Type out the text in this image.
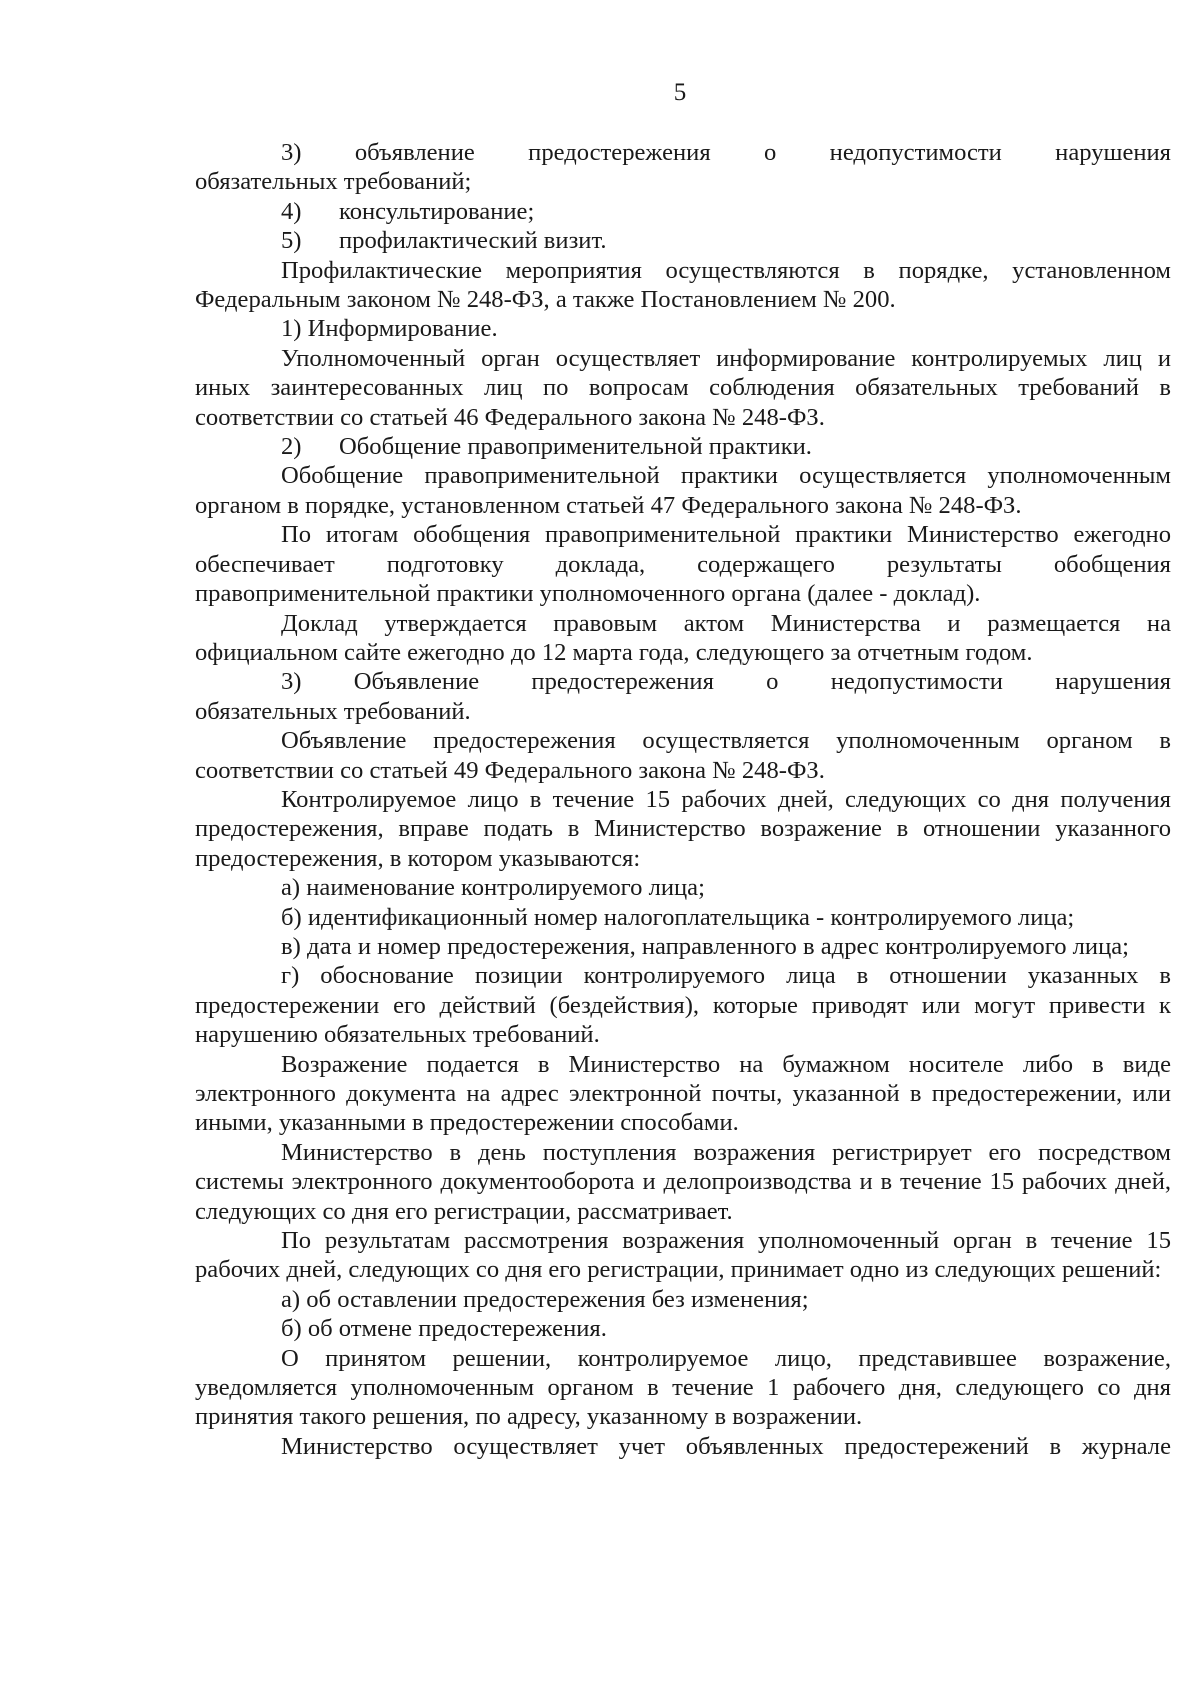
5

3) объявление предостережения о недопустимости нарушения

обязательных требований;

4)	консультирование;
5)	профилактический визит.

Профилактические мероприятия осуществляются в порядке, установленном Федеральным законом № 248-ФЗ, а также Постановлением № 200.

1) Информирование.

Уполномоченный орган осуществляет информирование контролируемых лиц и иных заинтересованных лиц по вопросам соблюдения обязательных требований в соответствии со статьей 46 Федерального закона № 248-ФЗ.

2)	Обобщение правоприменительной практики.

Обобщение правоприменительной практики осуществляется уполномоченным органом в порядке, установленном статьей 47 Федерального закона № 248-ФЗ.

По итогам обобщения правоприменительной практики Министерство ежегодно обеспечивает подготовку доклада, содержащего результаты обобщения правоприменительной практики уполномоченного органа (далее - доклад).

Доклад утверждается правовым актом Министерства и размещается на официальном сайте ежегодно до 12 марта года, следующего за отчетным годом.

3) Объявление предостережения о недопустимости нарушения

обязательных требований.

Объявление предостережения осуществляется уполномоченным органом в соответствии со статьей 49 Федерального закона № 248-ФЗ.

Контролируемое лицо в течение 15 рабочих дней, следующих со дня получения предостережения, вправе подать в Министерство возражение в отношении указанного предостережения, в котором указываются:

а) наименование контролируемого лица;

б) идентификационный номер налогоплательщика - контролируемого лица;

в) дата и номер предостережения, направленного в адрес контролируемого лица;

г) обоснование позиции контролируемого лица в отношении указанных в предостережении его действий (бездействия), которые приводят или могут привести к нарушению обязательных требований.

Возражение подается в Министерство на бумажном носителе либо в виде электронного документа на адрес электронной почты, указанной в предостережении, или иными, указанными в предостережении способами.

Министерство в день поступления возражения регистрирует его посредством системы электронного документооборота и делопроизводства и в течение 15 рабочих дней, следующих со дня его регистрации, рассматривает.

По результатам рассмотрения возражения уполномоченный орган в течение 15 рабочих дней, следующих со дня его регистрации, принимает одно из следующих решений:

а) об оставлении предостережения без изменения;

б) об отмене предостережения.

О принятом решении, контролируемое лицо, представившее возражение, уведомляется уполномоченным органом в течение 1 рабочего дня, следующего со дня принятия такого решения, по адресу, указанному в возражении.

Министерство осуществляет учет объявленных предостережений в журнале
